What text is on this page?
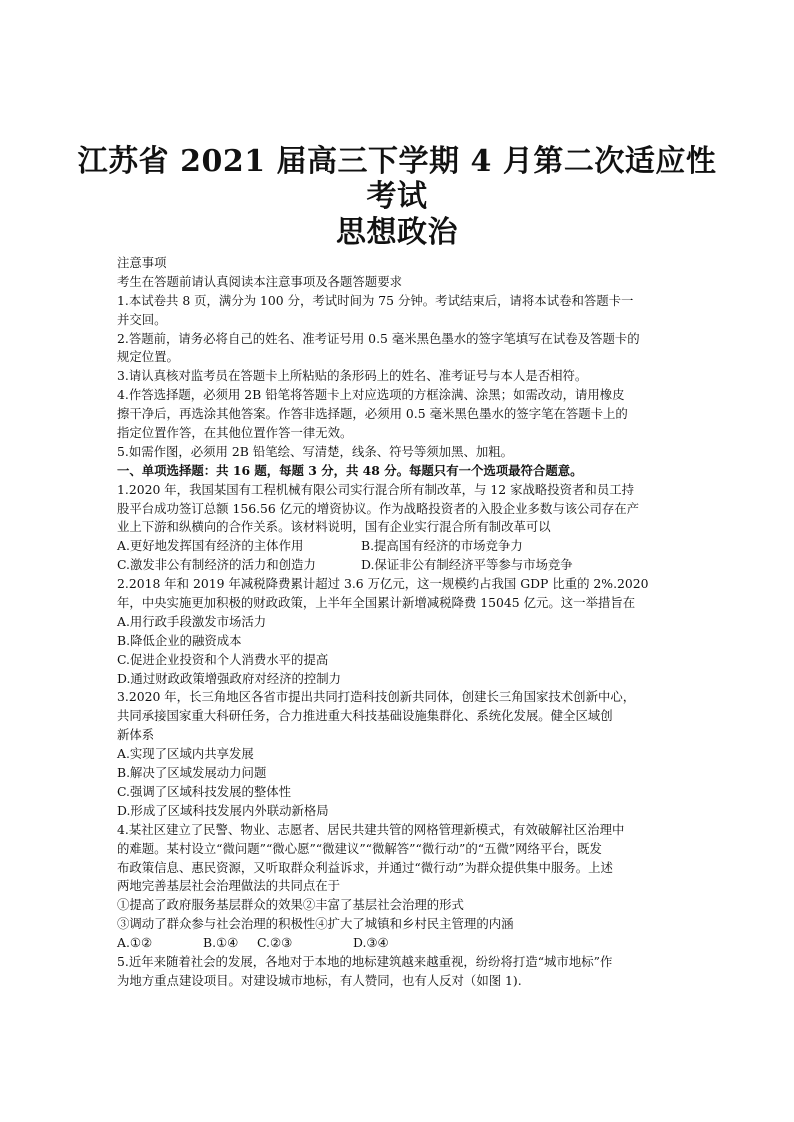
江苏省 2021 届高三下学期 4 月第二次适应性
考试
思想政治
注意事项
考生在答题前请认真阅读本注意事项及各题答题要求
1.本试卷共 8 页，满分为 100 分，考试时间为 75 分钟。考试结束后，请将本试卷和答题卡一
并交回。
2.答题前，请务必将自己的姓名、准考证号用 0.5 毫米黑色墨水的签字笔填写在试卷及答题卡的
规定位置。
3.请认真核对监考员在答题卡上所粘贴的条形码上的姓名、准考证号与本人是否相符。
4.作答选择题，必须用 2B 铅笔将答题卡上对应选项的方框涂满、涂黑；如需改动，请用橡皮
擦干净后，再选涂其他答案。作答非选择题，必须用 0.5 毫米黑色墨水的签字笔在答题卡上的
指定位置作答，在其他位置作答一律无效。
5.如需作图，必须用 2B 铅笔绘、写清楚，线条、符号等须加黑、加粗。
一、单项选择题：共 16 题，每题 3 分，共 48 分。每题只有一个选项最符合题意。
1.2020 年，我国某国有工程机械有限公司实行混合所有制改革，与 12 家战略投资者和员工持
股平台成功签订总额 156.56 亿元的增资协议。作为战略投资者的入股企业多数与该公司存在产
业上下游和纵横向的合作关系。该材料说明，国有企业实行混合所有制改革可以
A.更好地发挥国有经济的主体作用	B.提高国有经济的市场竞争力
C.激发非公有制经济的活力和创造力	D.保证非公有制经济平等参与市场竞争
2.2018 年和 2019 年减税降费累计超过 3.6 万亿元，这一规模约占我国 GDP 比重的 2%.2020
年，中央实施更加积极的财政政策，上半年全国累计新增减税降费 15045 亿元。这一举措旨在
A.用行政手段激发市场活力
B.降低企业的融资成本
C.促进企业投资和个人消费水平的提高
D.通过财政政策增强政府对经济的控制力
3.2020 年，长三角地区各省市提出共同打造科技创新共同体，创建长三角国家技术创新中心，
共同承接国家重大科研任务，合力推进重大科技基础设施集群化、系统化发展。健全区域创
新体系
A.实现了区域内共享发展
B.解决了区域发展动力问题
C.强调了区域科技发展的整体性
D.形成了区域科技发展内外联动新格局
4.某社区建立了民警、物业、志愿者、居民共建共管的网格管理新模式，有效破解社区治理中
的难题。某村设立“微问题”“微心愿”“微建议”“微解答”“微行动”的“五微”网络平台，既发
布政策信息、惠民资源，又听取群众利益诉求，并通过“微行动”为群众提供集中服务。上述
两地完善基层社会治理做法的共同点在于
①提高了政府服务基层群众的效果②丰富了基层社会治理的形式
③调动了群众参与社会治理的积极性④扩大了城镇和乡村民主管理的内涵
A.①②	B.①④ C.②③	D.③④
5.近年来随着社会的发展，各地对于本地的地标建筑越来越重视，纷纷将打造“城市地标”作
为地方重点建设项目。对建设城市地标，有人赞同，也有人反对（如图 1).
